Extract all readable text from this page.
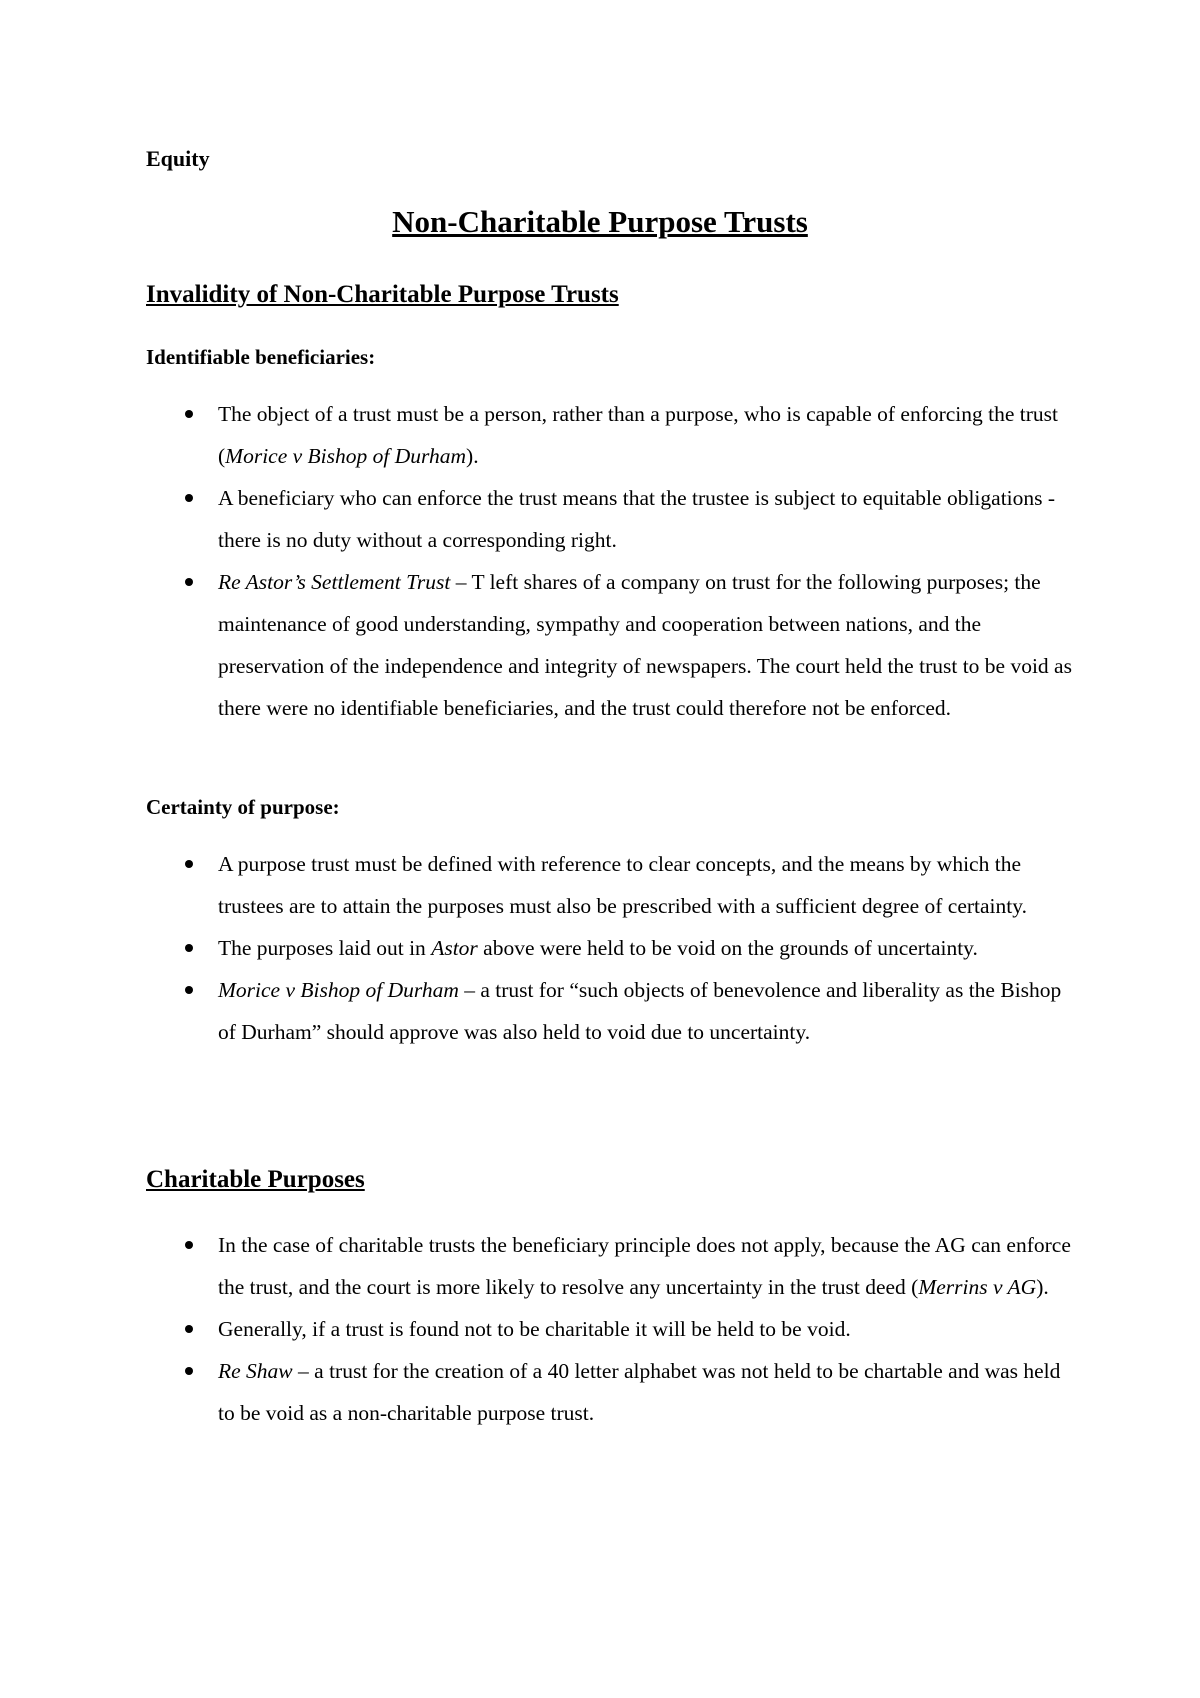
Equity

Non-Charitable Purpose Trusts
Invalidity of Non-Charitable Purpose Trusts
Identifiable beneficiaries:
The object of a trust must be a person, rather than a purpose, who is capable of enforcing the trust (Morice v Bishop of Durham).
A beneficiary who can enforce the trust means that the trustee is subject to equitable obligations - there is no duty without a corresponding right.
Re Astor’s Settlement Trust – T left shares of a company on trust for the following purposes; the maintenance of good understanding, sympathy and cooperation between nations, and the preservation of the independence and integrity of newspapers. The court held the trust to be void as there were no identifiable beneficiaries, and the trust could therefore not be enforced.
Certainty of purpose:
A purpose trust must be defined with reference to clear concepts, and the means by which the trustees are to attain the purposes must also be prescribed with a sufficient degree of certainty.
The purposes laid out in Astor above were held to be void on the grounds of uncertainty.
Morice v Bishop of Durham – a trust for “such objects of benevolence and liberality as the Bishop of Durham” should approve was also held to void due to uncertainty.
Charitable Purposes
In the case of charitable trusts the beneficiary principle does not apply, because the AG can enforce the trust, and the court is more likely to resolve any uncertainty in the trust deed (Merrins v AG).
Generally, if a trust is found not to be charitable it will be held to be void.
Re Shaw – a trust for the creation of a 40 letter alphabet was not held to be chartable and was held to be void as a non-charitable purpose trust.
